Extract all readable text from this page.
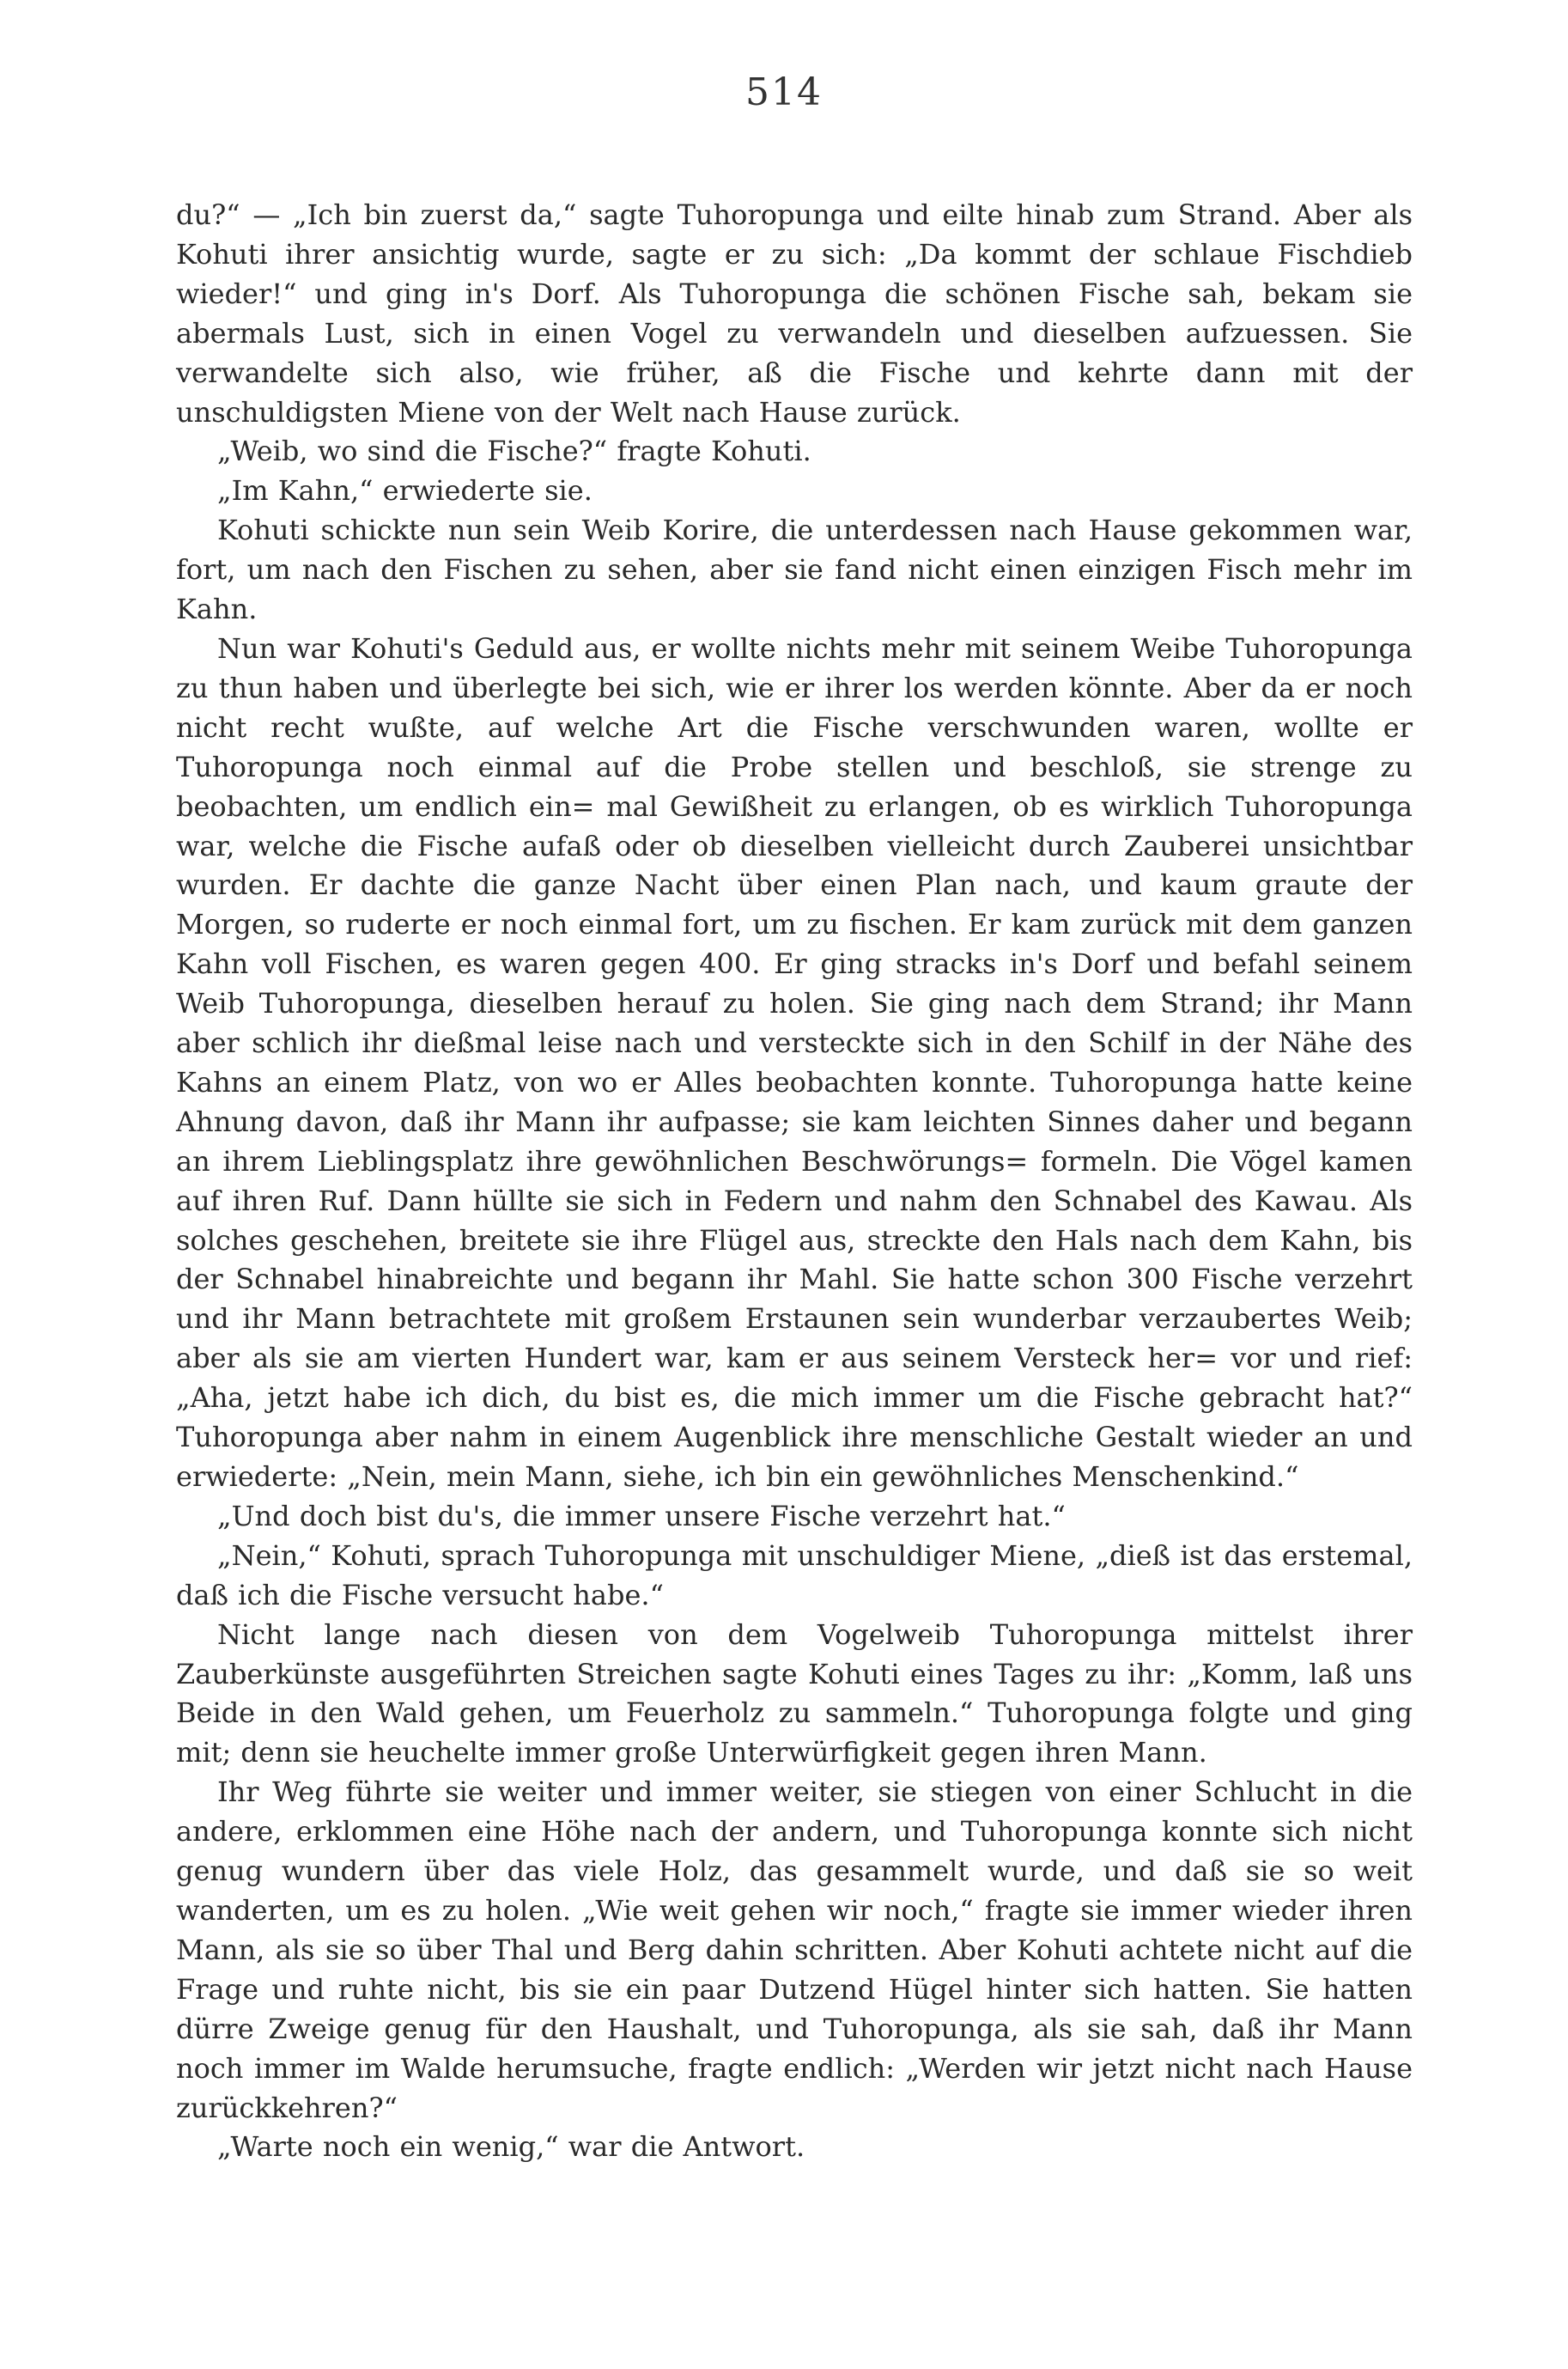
514

du?“ — „Ich bin zuerst da,“ sagte Tuhoropunga und eilte hinab zum Strand. Aber als Kohuti ihrer ansichtig wurde, sagte er zu sich: „Da kommt der schlaue Fischdieb wieder!“ und ging in's Dorf. Als Tuhoropunga die schönen Fische sah, bekam sie abermals Lust, sich in einen Vogel zu verwandeln und dieselben aufzuessen. Sie verwandelte sich also, wie früher, aß die Fische und kehrte dann mit der unschuldigsten Miene von der Welt nach Hause zurück.

„Weib, wo sind die Fische?“ fragte Kohuti.

„Im Kahn,“ erwiederte sie.

Kohuti schickte nun sein Weib Korire, die unterdessen nach Hause gekommen war, fort, um nach den Fischen zu sehen, aber sie fand nicht einen einzigen Fisch mehr im Kahn.

Nun war Kohuti's Geduld aus, er wollte nichts mehr mit seinem Weibe Tuhoropunga zu thun haben und überlegte bei sich, wie er ihrer los werden könnte. Aber da er noch nicht recht wußte, auf welche Art die Fische verschwunden waren, wollte er Tuhoropunga noch einmal auf die Probe stellen und beschloß, sie strenge zu beobachten, um endlich ein= mal Gewißheit zu erlangen, ob es wirklich Tuhoropunga war, welche die Fische aufaß oder ob dieselben vielleicht durch Zauberei unsichtbar wurden. Er dachte die ganze Nacht über einen Plan nach, und kaum graute der Morgen, so ruderte er noch einmal fort, um zu fischen. Er kam zurück mit dem ganzen Kahn voll Fischen, es waren gegen 400. Er ging stracks in's Dorf und befahl seinem Weib Tuhoropunga, dieselben herauf zu holen. Sie ging nach dem Strand; ihr Mann aber schlich ihr dießmal leise nach und versteckte sich in den Schilf in der Nähe des Kahns an einem Platz, von wo er Alles beobachten konnte. Tuhoropunga hatte keine Ahnung davon, daß ihr Mann ihr aufpasse; sie kam leichten Sinnes daher und begann an ihrem Lieblingsplatz ihre gewöhnlichen Beschwörungs= formeln. Die Vögel kamen auf ihren Ruf. Dann hüllte sie sich in Federn und nahm den Schnabel des Kawau. Als solches geschehen, breitete sie ihre Flügel aus, streckte den Hals nach dem Kahn, bis der Schnabel hinabreichte und begann ihr Mahl. Sie hatte schon 300 Fische verzehrt und ihr Mann betrachtete mit großem Erstaunen sein wunderbar verzaubertes Weib; aber als sie am vierten Hundert war, kam er aus seinem Versteck her= vor und rief: „Aha, jetzt habe ich dich, du bist es, die mich immer um die Fische gebracht hat?“ Tuhoropunga aber nahm in einem Augenblick ihre menschliche Gestalt wieder an und erwiederte: „Nein, mein Mann, siehe, ich bin ein gewöhnliches Menschenkind.“

„Und doch bist du's, die immer unsere Fische verzehrt hat.“

„Nein,“ Kohuti, sprach Tuhoropunga mit unschuldiger Miene, „dieß ist das erstemal, daß ich die Fische versucht habe.“

Nicht lange nach diesen von dem Vogelweib Tuhoropunga mittelst ihrer Zauberkünste ausgeführten Streichen sagte Kohuti eines Tages zu ihr: „Komm, laß uns Beide in den Wald gehen, um Feuerholz zu sammeln.“ Tuhoropunga folgte und ging mit; denn sie heuchelte immer große Unterwürfigkeit gegen ihren Mann.

Ihr Weg führte sie weiter und immer weiter, sie stiegen von einer Schlucht in die andere, erklommen eine Höhe nach der andern, und Tuhoropunga konnte sich nicht genug wundern über das viele Holz, das gesammelt wurde, und daß sie so weit wanderten, um es zu holen. „Wie weit gehen wir noch,“ fragte sie immer wieder ihren Mann, als sie so über Thal und Berg dahin schritten. Aber Kohuti achtete nicht auf die Frage und ruhte nicht, bis sie ein paar Dutzend Hügel hinter sich hatten. Sie hatten dürre Zweige genug für den Haushalt, und Tuhoropunga, als sie sah, daß ihr Mann noch immer im Walde herumsuche, fragte endlich: „Werden wir jetzt nicht nach Hause zurückkehren?“

„Warte noch ein wenig,“ war die Antwort.
